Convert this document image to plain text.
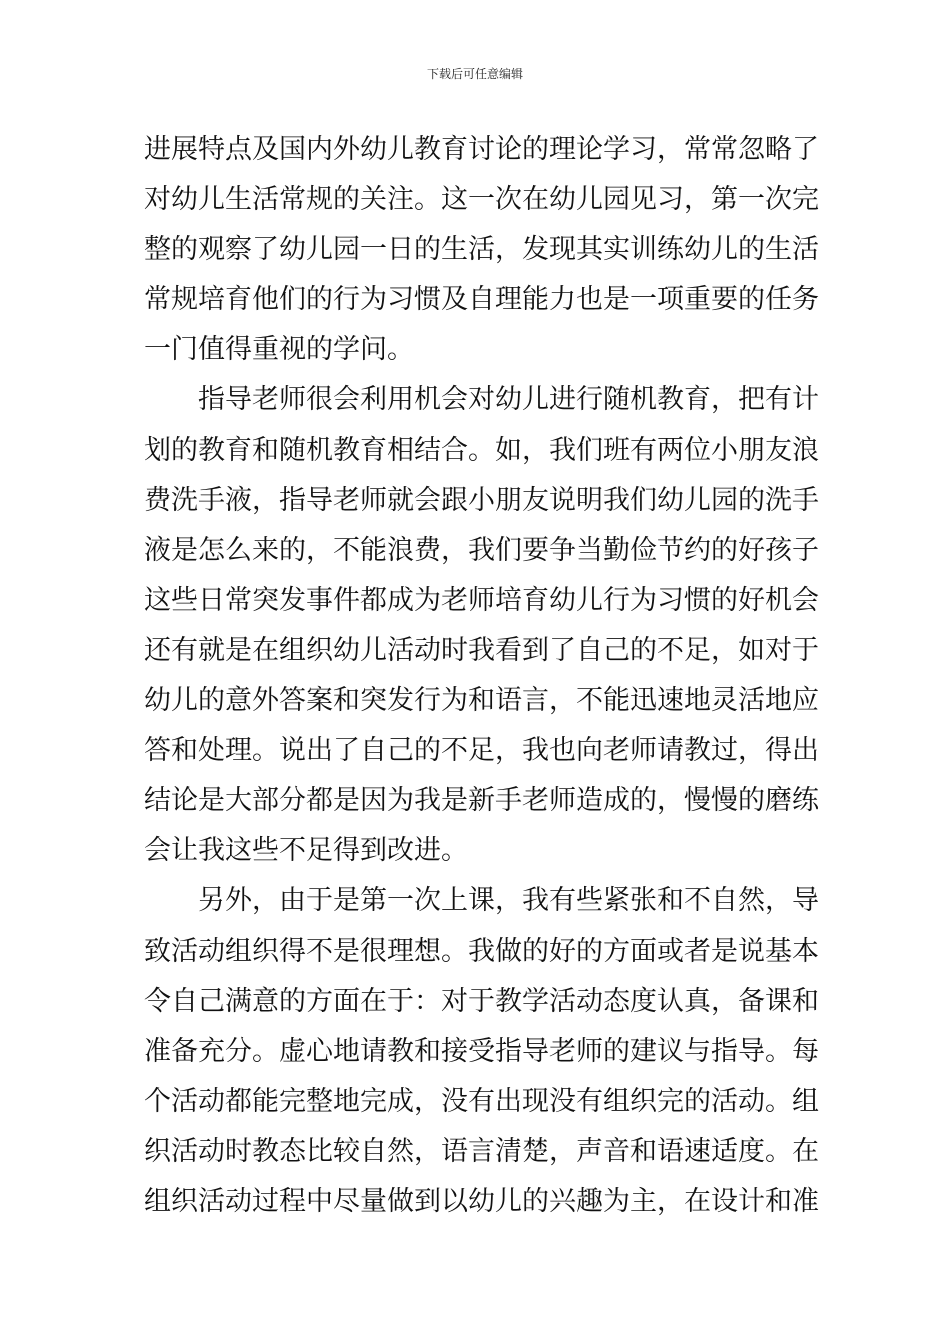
下载后可任意编辑
进展特点及国内外幼儿教育讨论的理论学习，常常忽略了
对幼儿生活常规的关注。这一次在幼儿园见习，第一次完
整的观察了幼儿园一日的生活，发现其实训练幼儿的生活
常规培育他们的行为习惯及自理能力也是一项重要的任务
一门值得重视的学问。
指导老师很会利用机会对幼儿进行随机教育，把有计
划的教育和随机教育相结合。如，我们班有两位小朋友浪
费洗手液，指导老师就会跟小朋友说明我们幼儿园的洗手
液是怎么来的，不能浪费，我们要争当勤俭节约的好孩子
这些日常突发事件都成为老师培育幼儿行为习惯的好机会
还有就是在组织幼儿活动时我看到了自己的不足，如对于
幼儿的意外答案和突发行为和语言，不能迅速地灵活地应
答和处理。说出了自己的不足，我也向老师请教过，得出
结论是大部分都是因为我是新手老师造成的，慢慢的磨练
会让我这些不足得到改进。
另外，由于是第一次上课，我有些紧张和不自然，导
致活动组织得不是很理想。我做的好的方面或者是说基本
令自己满意的方面在于：对于教学活动态度认真，备课和
准备充分。虚心地请教和接受指导老师的建议与指导。每
个活动都能完整地完成，没有出现没有组织完的活动。组
织活动时教态比较自然，语言清楚，声音和语速适度。在
组织活动过程中尽量做到以幼儿的兴趣为主，在设计和准
